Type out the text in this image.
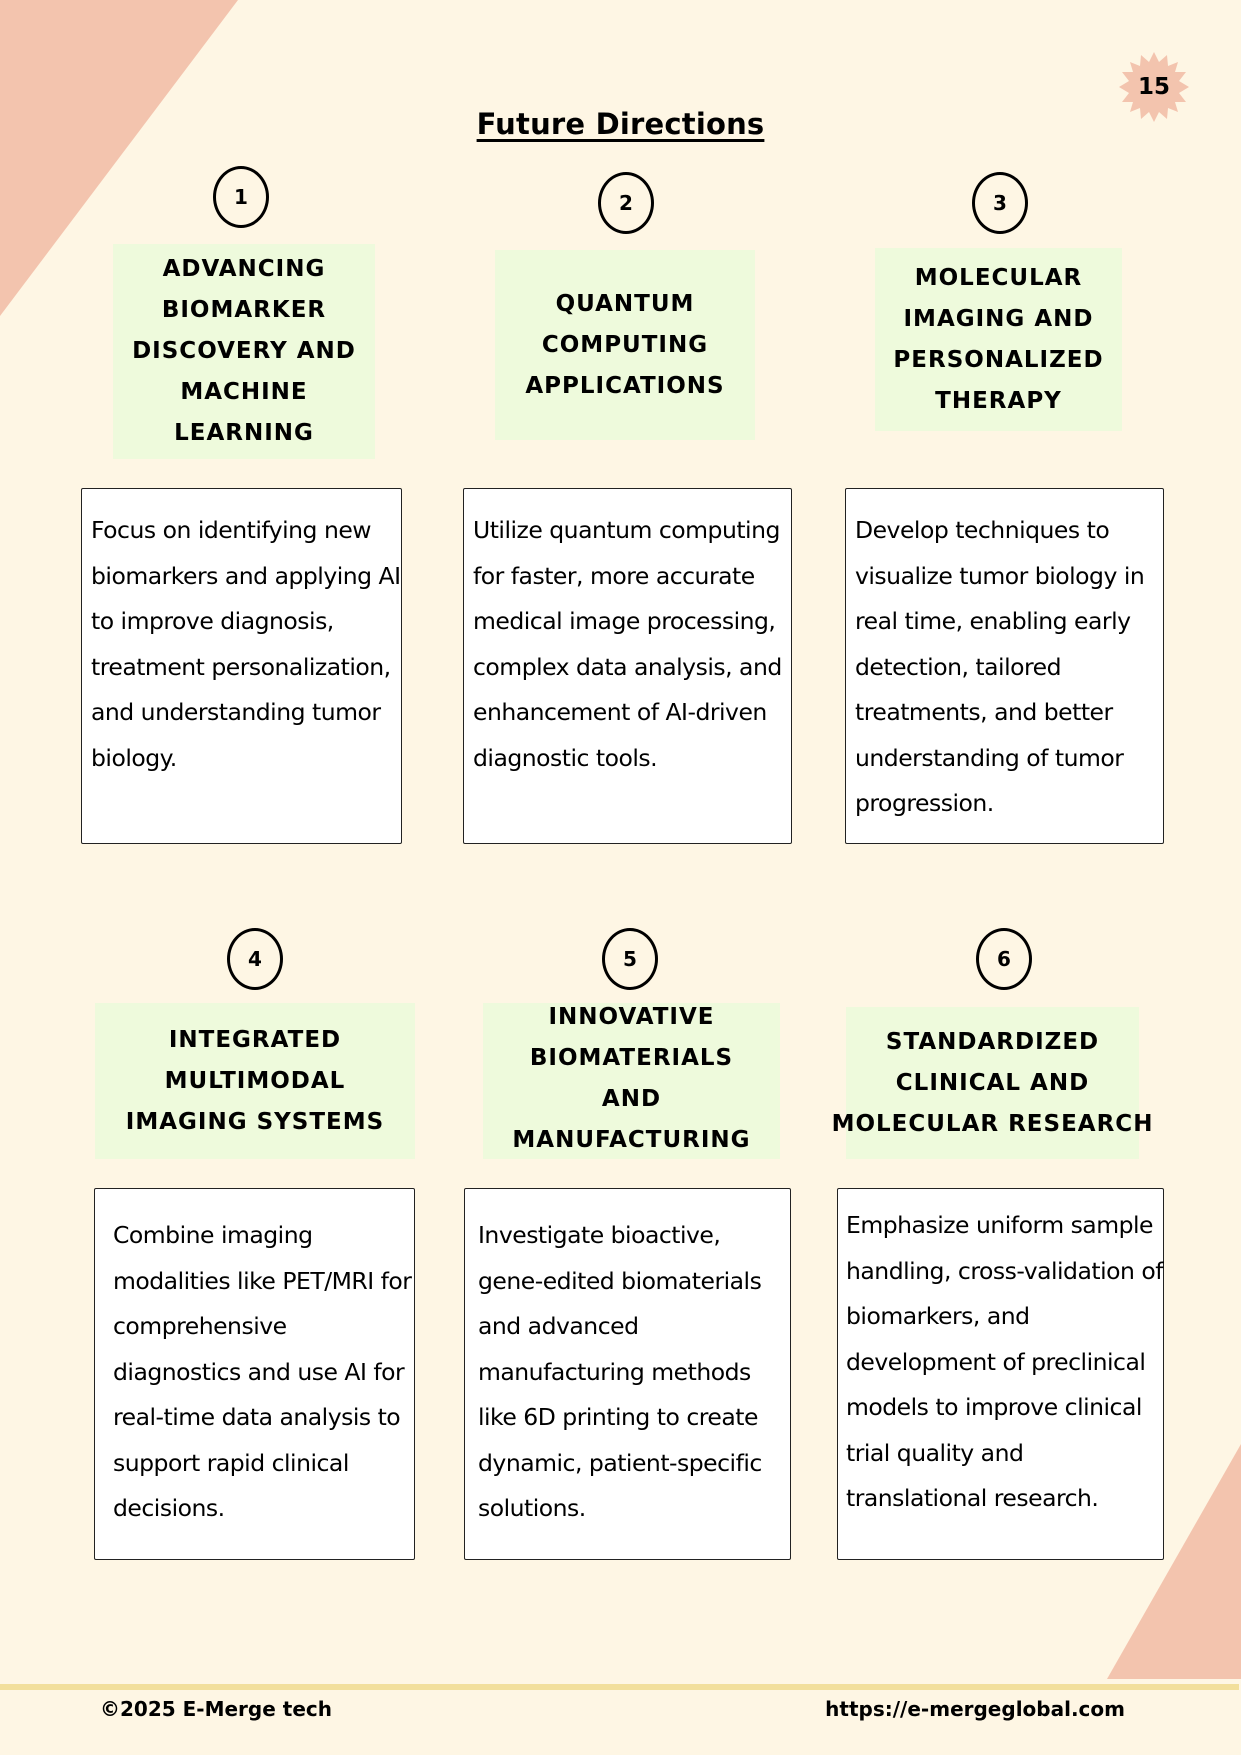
15
Future Directions
1
ADVANCING
BIOMARKER
DISCOVERY AND
MACHINE
LEARNING
Focus on identifying new biomarkers and applying AI to improve diagnosis, treatment personalization, and understanding tumor biology.
2
QUANTUM
COMPUTING
APPLICATIONS
Utilize quantum computing for faster, more accurate medical image processing, complex data analysis, and enhancement of AI-driven diagnostic tools.
3
MOLECULAR
IMAGING AND
PERSONALIZED
THERAPY
Develop techniques to visualize tumor biology in real time, enabling early detection, tailored treatments, and better understanding of tumor progression.
4
INTEGRATED
MULTIMODAL
IMAGING SYSTEMS
Combine imaging modalities like PET/MRI for comprehensive diagnostics and use AI for real-time data analysis to support rapid clinical decisions.
5
INNOVATIVE
BIOMATERIALS
AND
MANUFACTURING
Investigate bioactive, gene-edited biomaterials and advanced manufacturing methods like 6D printing to create dynamic, patient-specific solutions.
6
STANDARDIZED
CLINICAL AND
MOLECULAR RESEARCH
Emphasize uniform sample handling, cross-validation of biomarkers, and development of preclinical models to improve clinical trial quality and translational research.
©2025 E-Merge tech	https://e-mergeglobal.com
